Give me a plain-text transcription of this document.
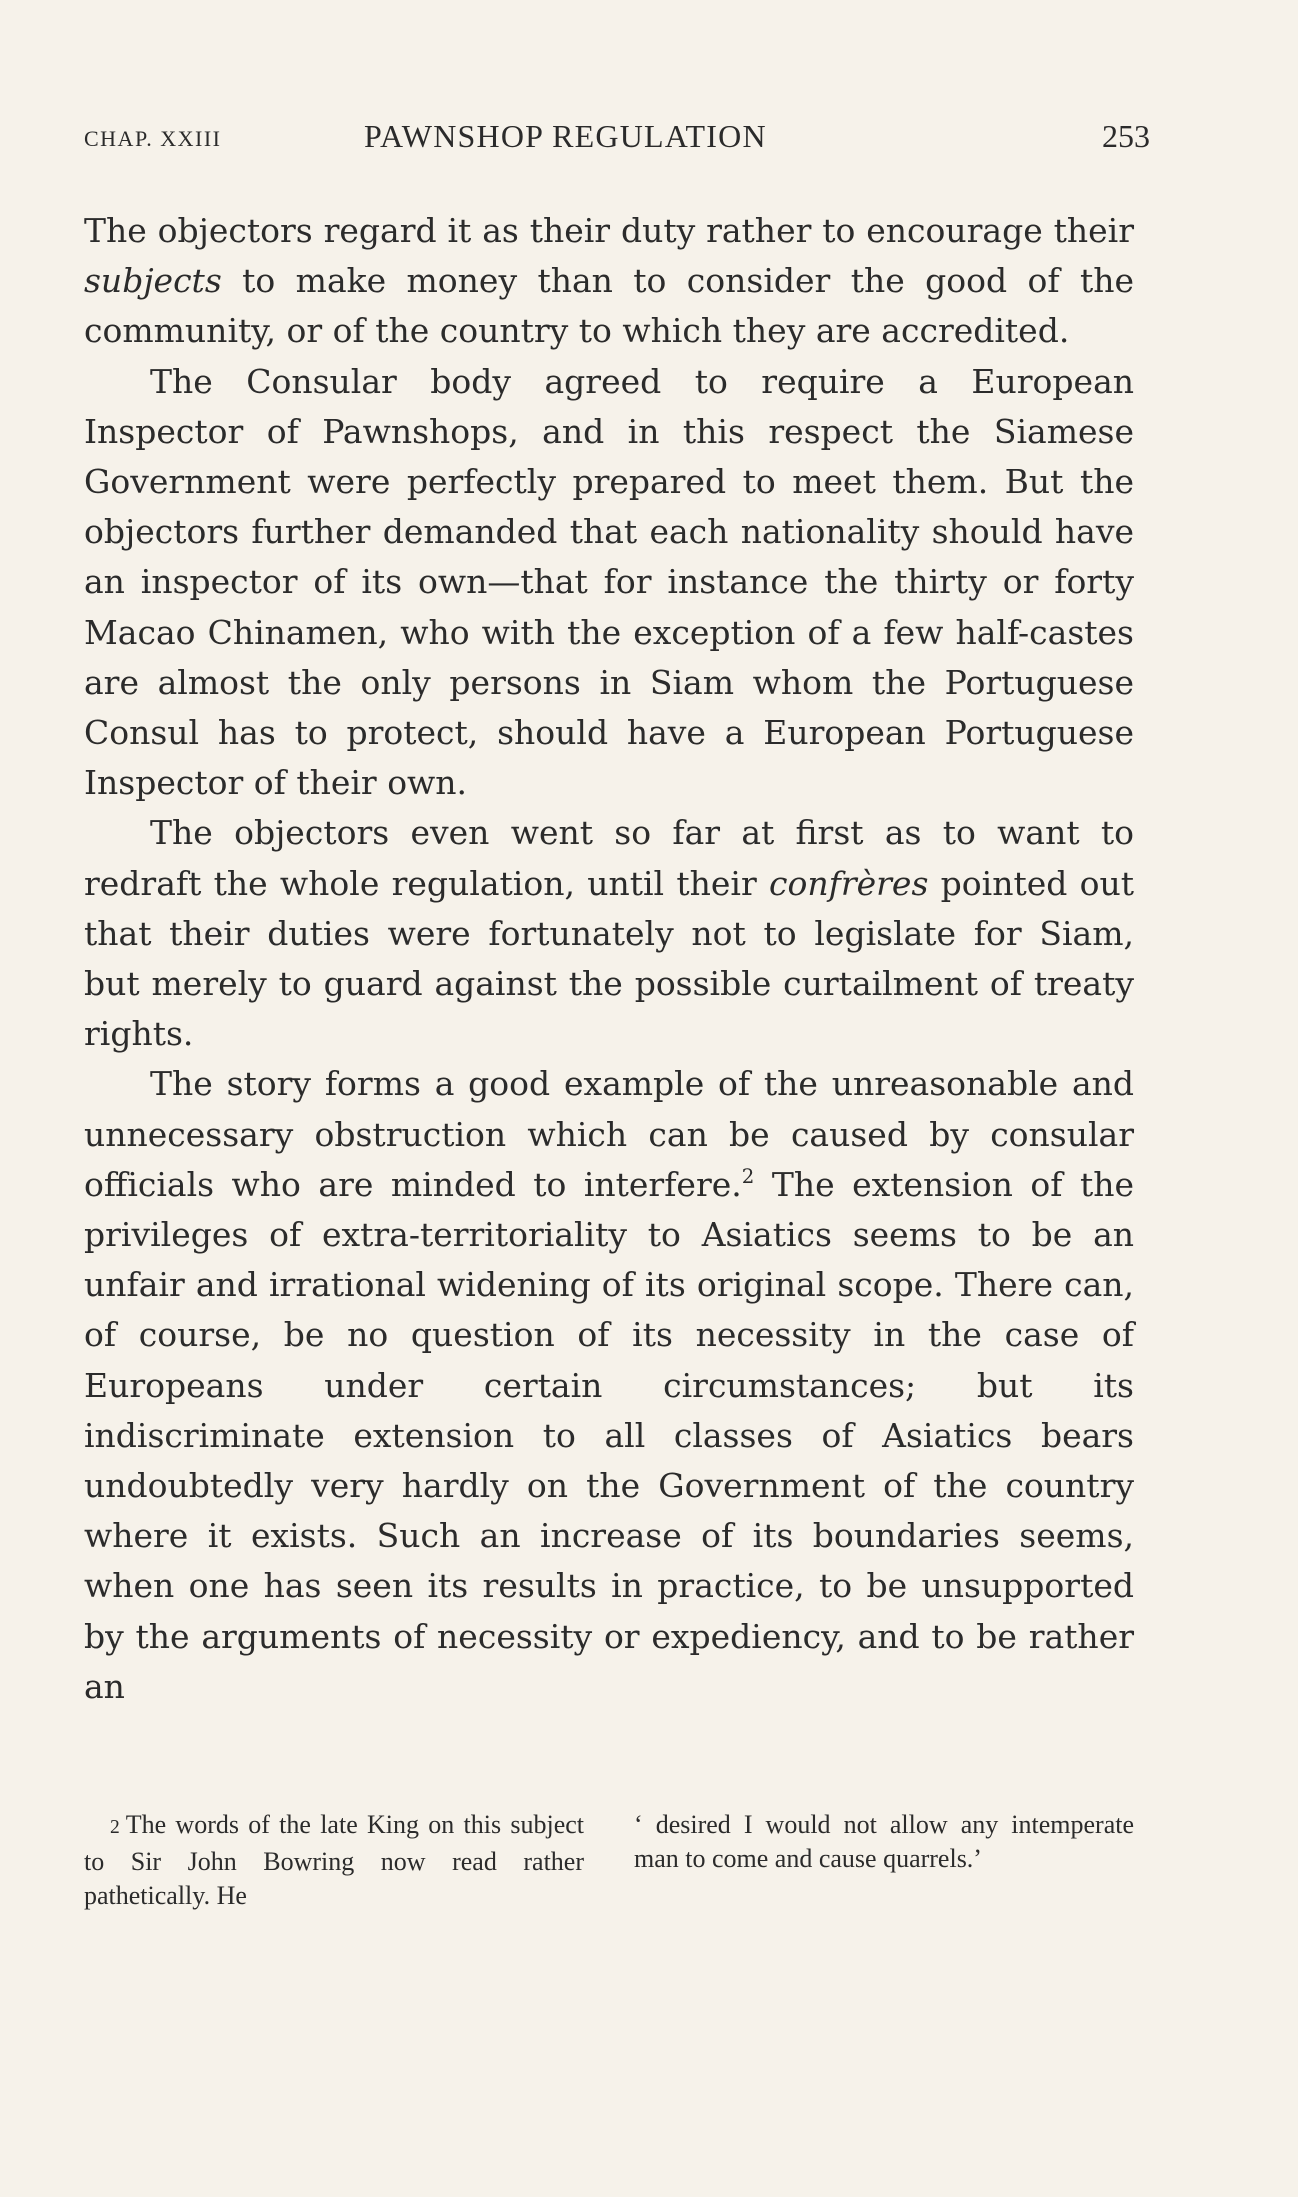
CHAP. XXIII	PAWNSHOP REGULATION	253

The objectors regard it as their duty rather to encourage their subjects to make money than to consider the good of the community, or of the country to which they are accredited.

The Consular body agreed to require a European Inspector of Pawnshops, and in this respect the Siamese Government were perfectly prepared to meet them. But the objectors further demanded that each nationality should have an inspector of its own—that for instance the thirty or forty Macao Chinamen, who with the exception of a few half-castes are almost the only persons in Siam whom the Portuguese Consul has to protect, should have a European Portuguese Inspector of their own.

The objectors even went so far at first as to want to redraft the whole regulation, until their confrères pointed out that their duties were fortunately not to legislate for Siam, but merely to guard against the possible curtailment of treaty rights.

The story forms a good example of the unreasonable and unnecessary obstruction which can be caused by consular officials who are minded to interfere.$^2$ The extension of the privileges of extra-territoriality to Asiatics seems to be an unfair and irrational widening of its original scope. There can, of course, be no question of its necessity in the case of Europeans under certain circumstances; but its indiscriminate extension to all classes of Asiatics bears undoubtedly very hardly on the Government of the country where it exists. Such an increase of its boundaries seems, when one has seen its results in practice, to be unsupported by the arguments of necessity or expediency, and to be rather an

2 The words of the late King on this subject to Sir John Bowring now read rather pathetically. He

‘ desired I would not allow any intemperate man to come and cause quarrels.’
